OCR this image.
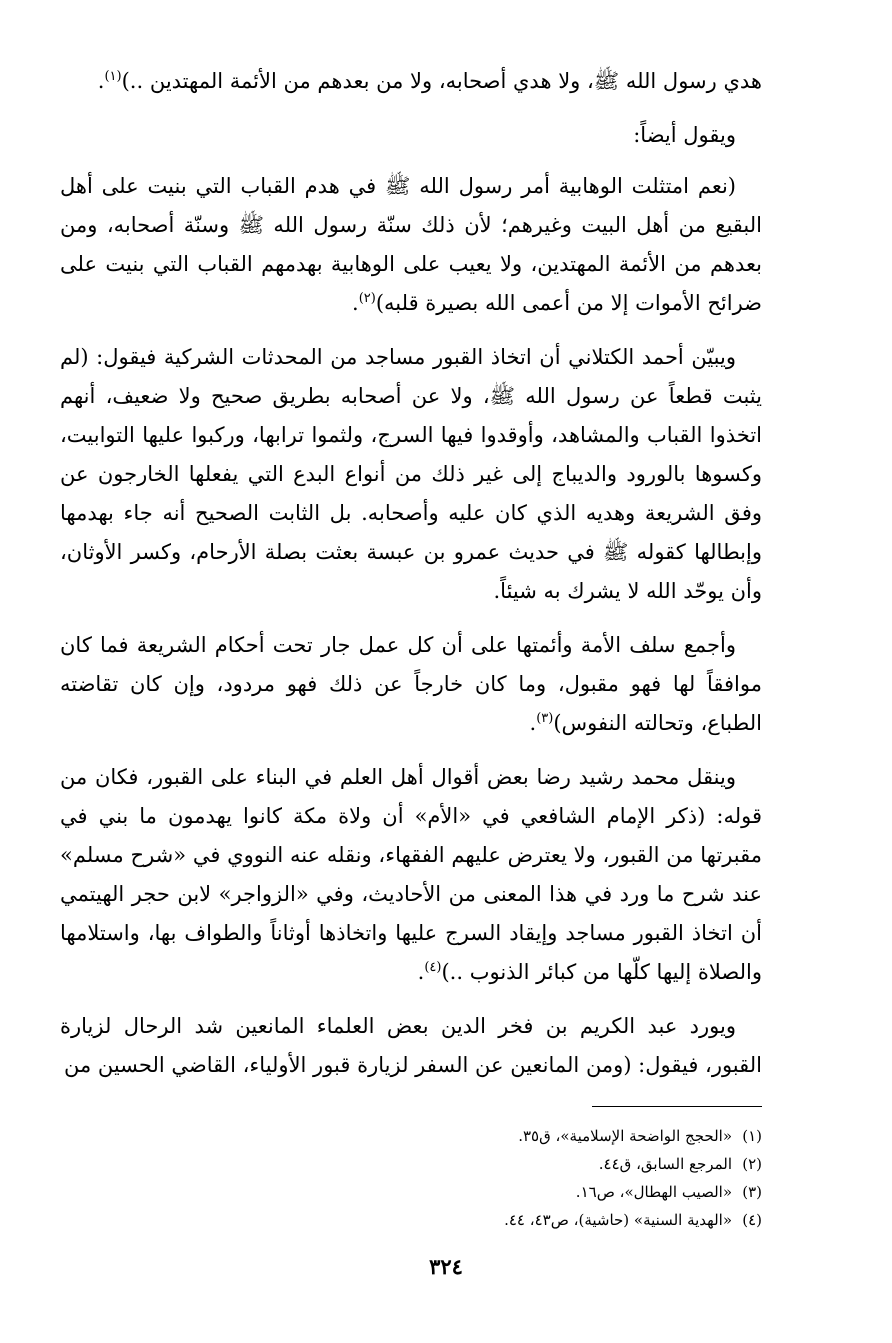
هدي رسول الله ﷺ، ولا هدي أصحابه، ولا من بعدهم من الأئمة المهتدين ..)$^{(١)}$.

ويقول أيضاً:

(نعم امتثلت الوهابية أمر رسول الله ﷺ في هدم القباب التي بنيت على أهل البقيع من أهل البيت وغيرهم؛ لأن ذلك سنّة رسول الله ﷺ وسنّة أصحابه، ومن بعدهم من الأئمة المهتدين، ولا يعيب على الوهابية بهدمهم القباب التي بنيت على ضرائح الأموات إلا من أعمى الله بصيرة قلبه)$^{(٢)}$.

ويبيّن أحمد الكتلاني أن اتخاذ القبور مساجد من المحدثات الشركية فيقول: (لم يثبت قطعاً عن رسول الله ﷺ، ولا عن أصحابه بطريق صحيح ولا ضعيف، أنهم اتخذوا القباب والمشاهد، وأوقدوا فيها السرج، ولثموا ترابها، وركبوا عليها التوابيت، وكسوها بالورود والديباج إلى غير ذلك من أنواع البدع التي يفعلها الخارجون عن وفق الشريعة وهديه الذي كان عليه وأصحابه. بل الثابت الصحيح أنه جاء بهدمها وإبطالها كقوله ﷺ في حديث عمرو بن عبسة بعثت بصلة الأرحام، وكسر الأوثان، وأن يوحّد الله لا يشرك به شيئاً.

وأجمع سلف الأمة وأئمتها على أن كل عمل جار تحت أحكام الشريعة فما كان موافقاً لها فهو مقبول، وما كان خارجاً عن ذلك فهو مردود، وإن كان تقاضته الطباع، وتحالته النفوس)$^{(٣)}$.

وينقل محمد رشيد رضا بعض أقوال أهل العلم في البناء على القبور، فكان من قوله: (ذكر الإمام الشافعي في «الأم» أن ولاة مكة كانوا يهدمون ما بني في مقبرتها من القبور، ولا يعترض عليهم الفقهاء، ونقله عنه النووي في «شرح مسلم» عند شرح ما ورد في هذا المعنى من الأحاديث، وفي «الزواجر» لابن حجر الهيتمي أن اتخاذ القبور مساجد وإيقاد السرج عليها واتخاذها أوثاناً والطواف بها، واستلامها والصلاة إليها كلّها من كبائر الذنوب ..)$^{(٤)}$.

ويورد عبد الكريم بن فخر الدين بعض العلماء المانعين شد الرحال لزيارة القبور، فيقول: (ومن المانعين عن السفر لزيارة قبور الأولياء، القاضي الحسين من

(١)«الحجج الواضحة الإسلامية»، ق٣٥.
(٢)المرجع السابق، ق٤٤.
(٣)«الصيب الهطال»، ص١٦.
(٤)«الهدية السنية» (حاشية)، ص٤٣، ٤٤.
٣٢٤
